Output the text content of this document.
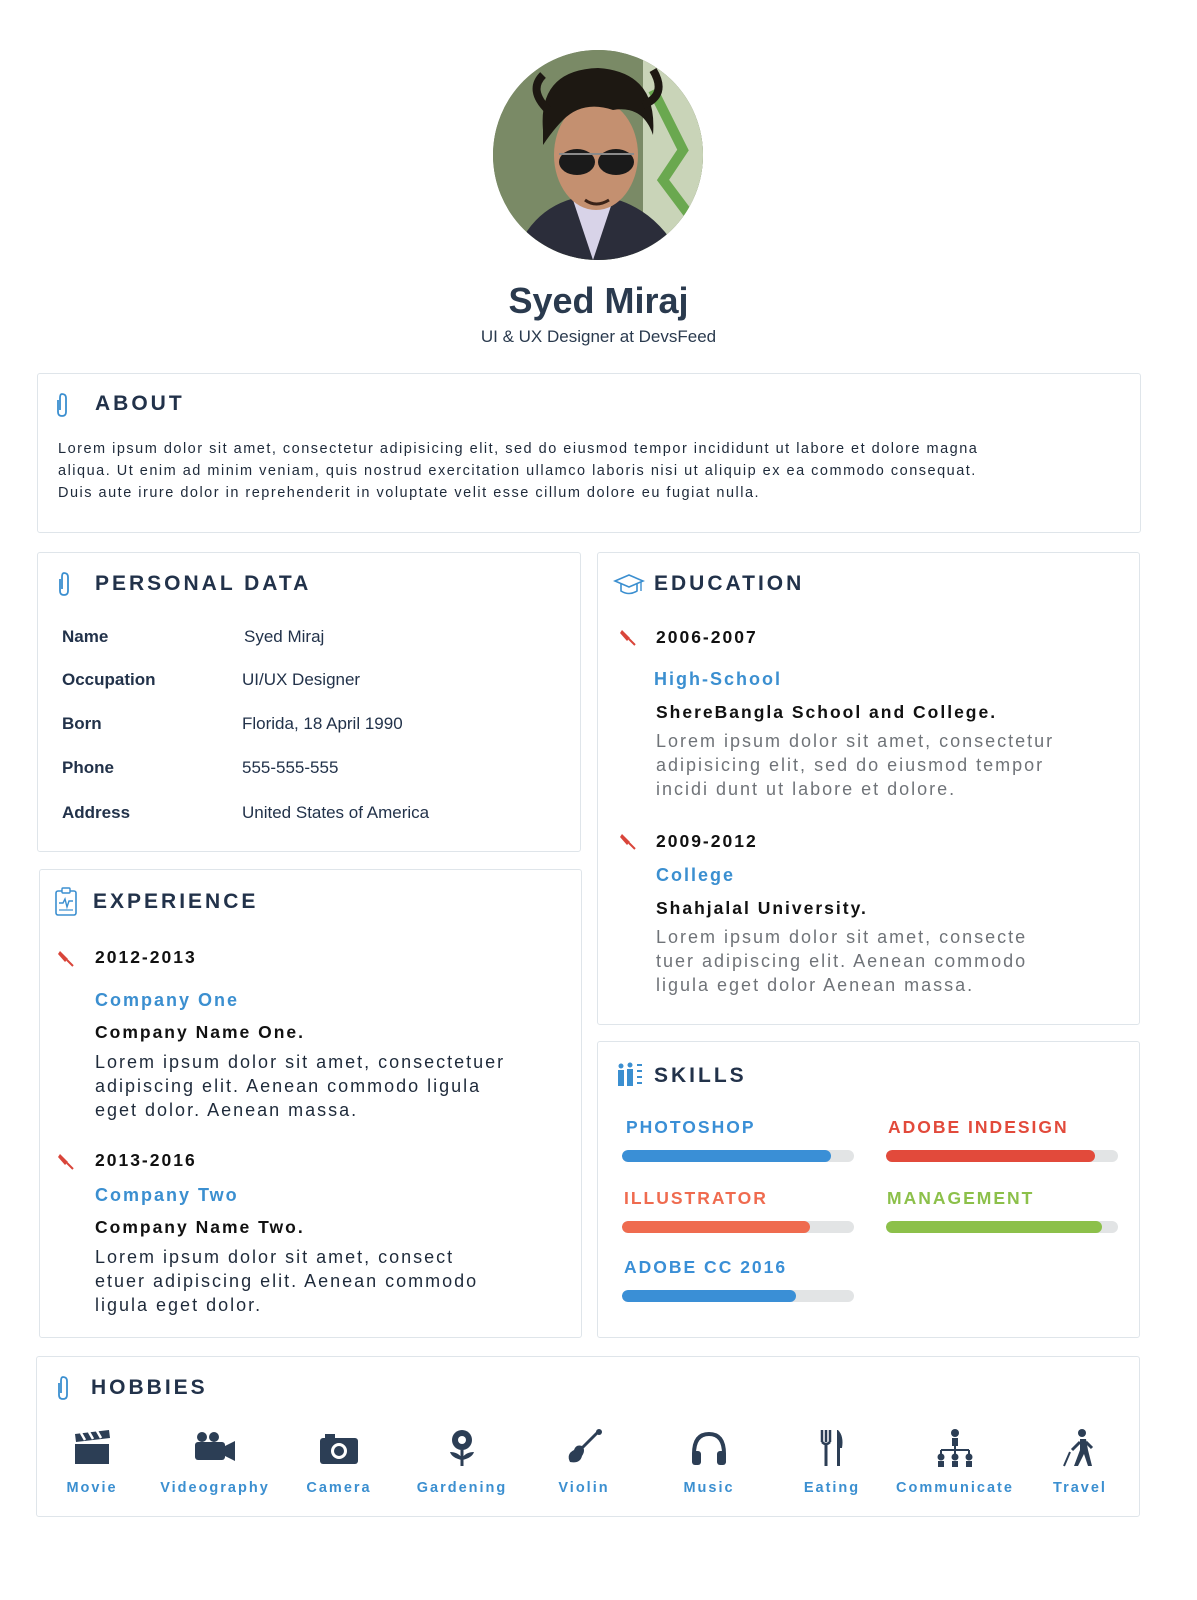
Syed Miraj
UI & UX Designer at DevsFeed
ABOUT
Lorem ipsum dolor sit amet, consectetur adipisicing elit, sed do eiusmod tempor incididunt ut labore et dolore magna
aliqua. Ut enim ad minim veniam, quis nostrud exercitation ullamco laboris nisi ut aliquip ex ea commodo consequat.
Duis aute irure dolor in reprehenderit in voluptate velit esse cillum dolore eu fugiat nulla.
PERSONAL DATA
Name	Syed Miraj
Occupation	UI/UX Designer
Born	Florida, 18 April 1990
Phone	555-555-555
Address	United States of America
EXPERIENCE
2012-2013
Company One
Company Name One.
Lorem ipsum dolor sit amet, consectetuer
adipiscing elit. Aenean commodo ligula
eget dolor. Aenean massa.
2013-2016
Company Two
Company Name Two.
Lorem ipsum dolor sit amet, consect
etuer adipiscing elit. Aenean commodo
ligula eget dolor.
EDUCATION
2006-2007
High-School
ShereBangla School and College.
Lorem ipsum dolor sit amet, consectetur
adipisicing elit, sed do eiusmod tempor
incidi dunt ut labore et dolore.
2009-2012
College
Shahjalal University.
Lorem ipsum dolor sit amet, consecte
tuer adipiscing elit. Aenean commodo
ligula eget dolor Aenean massa.
SKILLS
PHOTOSHOP	ADOBE INDESIGN
ILLUSTRATOR	MANAGEMENT
ADOBE CC 2016
HOBBIES
Movie	Videography	Camera	Gardening	Violin	Music	Eating	Communicate	Travel
